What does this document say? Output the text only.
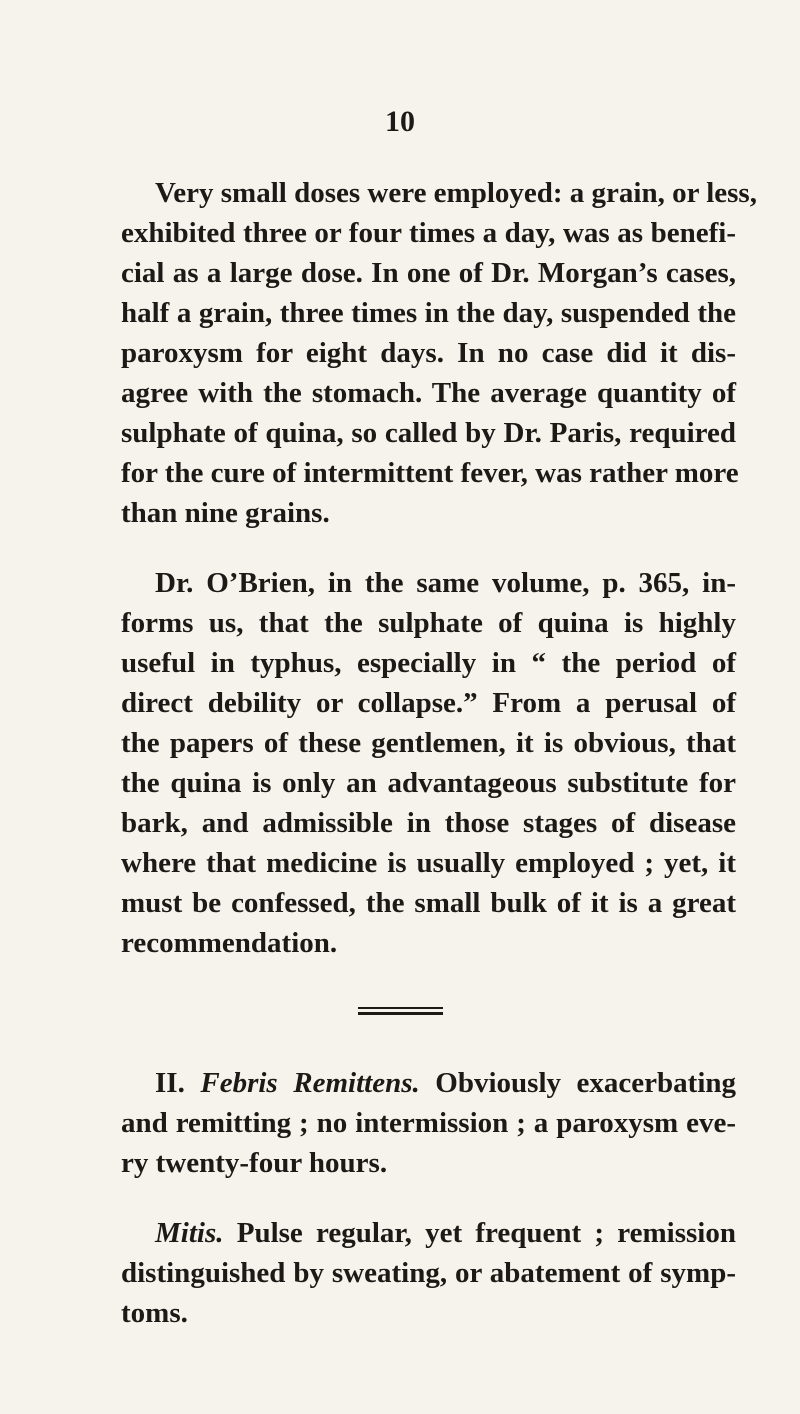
10
Very small doses were employed: a grain, or less,
exhibited three or four times a day, was as benefi-
cial as a large dose. In one of Dr. Morgan’s cases,
half a grain, three times in the day, suspended the
paroxysm for eight days. In no case did it dis-
agree with the stomach. The average quantity of
sulphate of quina, so called by Dr. Paris, required
for the cure of intermittent fever, was rather more
than nine grains.
Dr. O’Brien, in the same volume, p. 365, in-
forms us, that the sulphate of quina is highly
useful in typhus, especially in “ the period of
direct debility or collapse.” From a perusal of
the papers of these gentlemen, it is obvious, that
the quina is only an advantageous substitute for
bark, and admissible in those stages of disease
where that medicine is usually employed ; yet, it
must be confessed, the small bulk of it is a great
recommendation.
II. Febris Remittens. Obviously exacerbating
and remitting ; no intermission ; a paroxysm eve-
ry twenty-four hours.
Mitis. Pulse regular, yet frequent ; remission
distinguished by sweating, or abatement of symp-
toms.
